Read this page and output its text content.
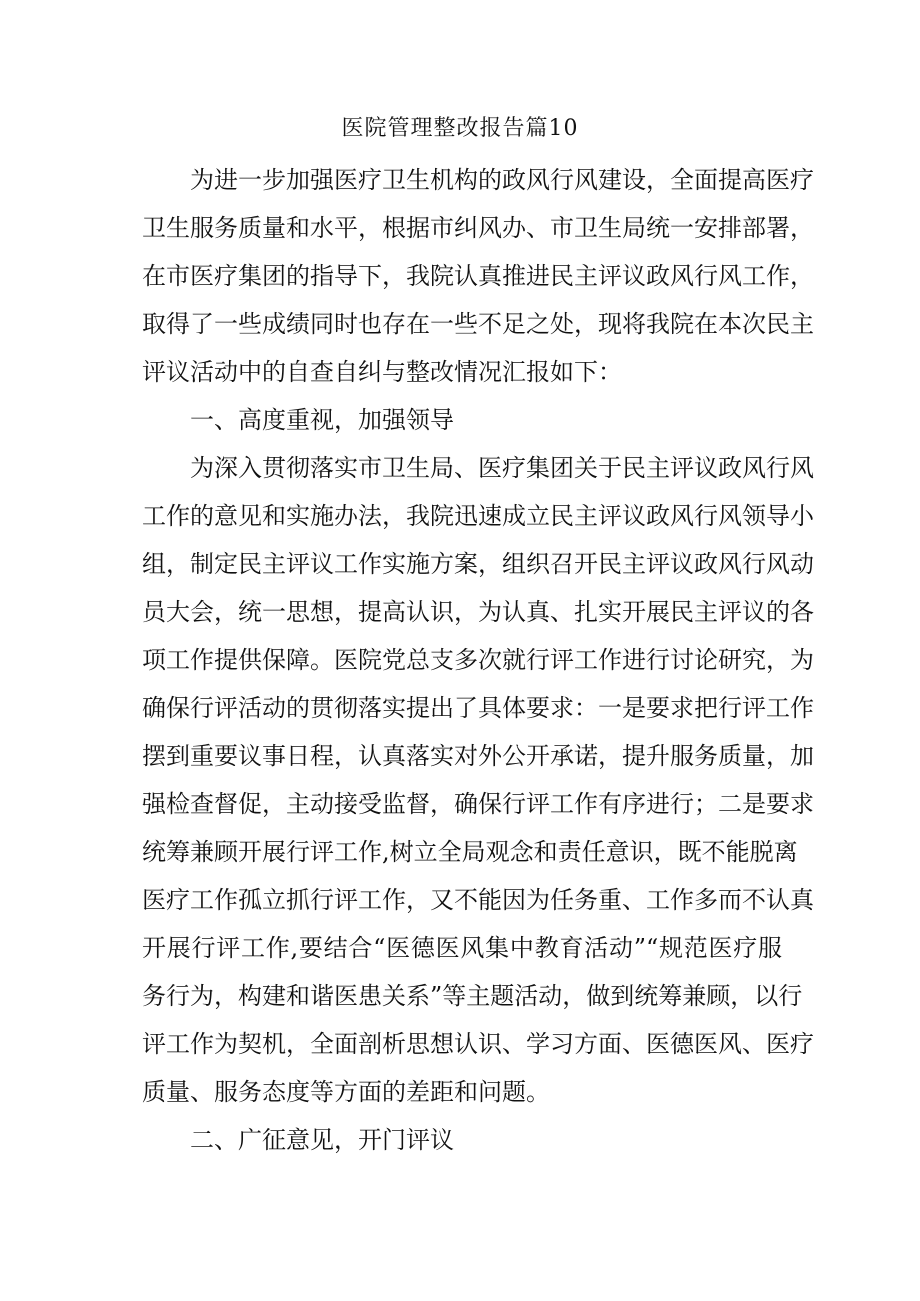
医院管理整改报告篇10
为进一步加强医疗卫生机构的政风行风建设，全面提高医疗
卫生服务质量和水平，根据市纠风办、市卫生局统一安排部署，
在市医疗集团的指导下，我院认真推进民主评议政风行风工作，
取得了一些成绩同时也存在一些不足之处，现将我院在本次民主
评议活动中的自查自纠与整改情况汇报如下：
一、高度重视，加强领导
为深入贯彻落实市卫生局、医疗集团关于民主评议政风行风
工作的意见和实施办法，我院迅速成立民主评议政风行风领导小
组，制定民主评议工作实施方案，组织召开民主评议政风行风动
员大会，统一思想，提高认识，为认真、扎实开展民主评议的各
项工作提供保障。医院党总支多次就行评工作进行讨论研究，为
确保行评活动的贯彻落实提出了具体要求：一是要求把行评工作
摆到重要议事日程，认真落实对外公开承诺，提升服务质量，加
强检查督促，主动接受监督，确保行评工作有序进行；二是要求
统筹兼顾开展行评工作,树立全局观念和责任意识，既不能脱离
医疗工作孤立抓行评工作，又不能因为任务重、工作多而不认真
开展行评工作,要结合“医德医风集中教育活动”“规范医疗服
务行为，构建和谐医患关系”等主题活动，做到统筹兼顾，以行
评工作为契机，全面剖析思想认识、学习方面、医德医风、医疗
质量、服务态度等方面的差距和问题。
二、广征意见，开门评议
